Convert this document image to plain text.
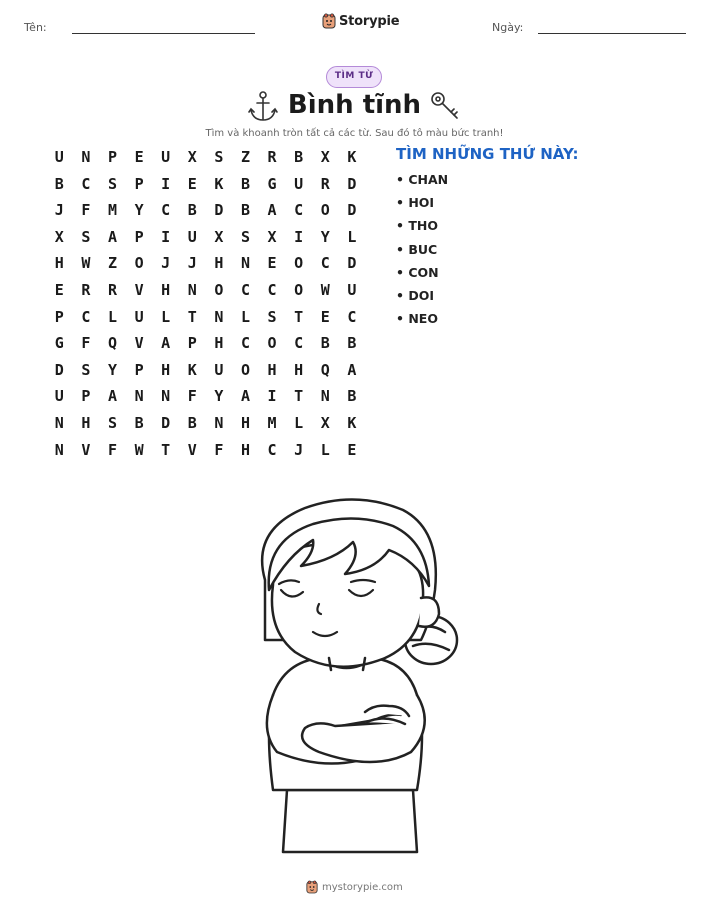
Tên:	Storypie	Ngày:
TÌM TỪ
Bình tĩnh
Tìm và khoanh tròn tất cả các từ. Sau đó tô màu bức tranh!
U	N	P	E	U	X	S	Z	R	B	X	K
B	C	S	P	I	E	K	B	G	U	R	D
J	F	M	Y	C	B	D	B	A	C	O	D
X	S	A	P	I	U	X	S	X	I	Y	L
H	W	Z	O	J	J	H	N	E	O	C	D
E	R	R	V	H	N	O	C	C	O	W	U
P	C	L	U	L	T	N	L	S	T	E	C
G	F	Q	V	A	P	H	C	O	C	B	B
D	S	Y	P	H	K	U	O	H	H	Q	A
U	P	A	N	N	F	Y	A	I	T	N	B
N	H	S	B	D	B	N	H	M	L	X	K
N	V	F	W	T	V	F	H	C	J	L	E
TÌM NHỮNG THỨ NÀY:
• CHAN
• HOI
• THO
• BUC
• CON
• DOI
• NEO
mystorypie.com
